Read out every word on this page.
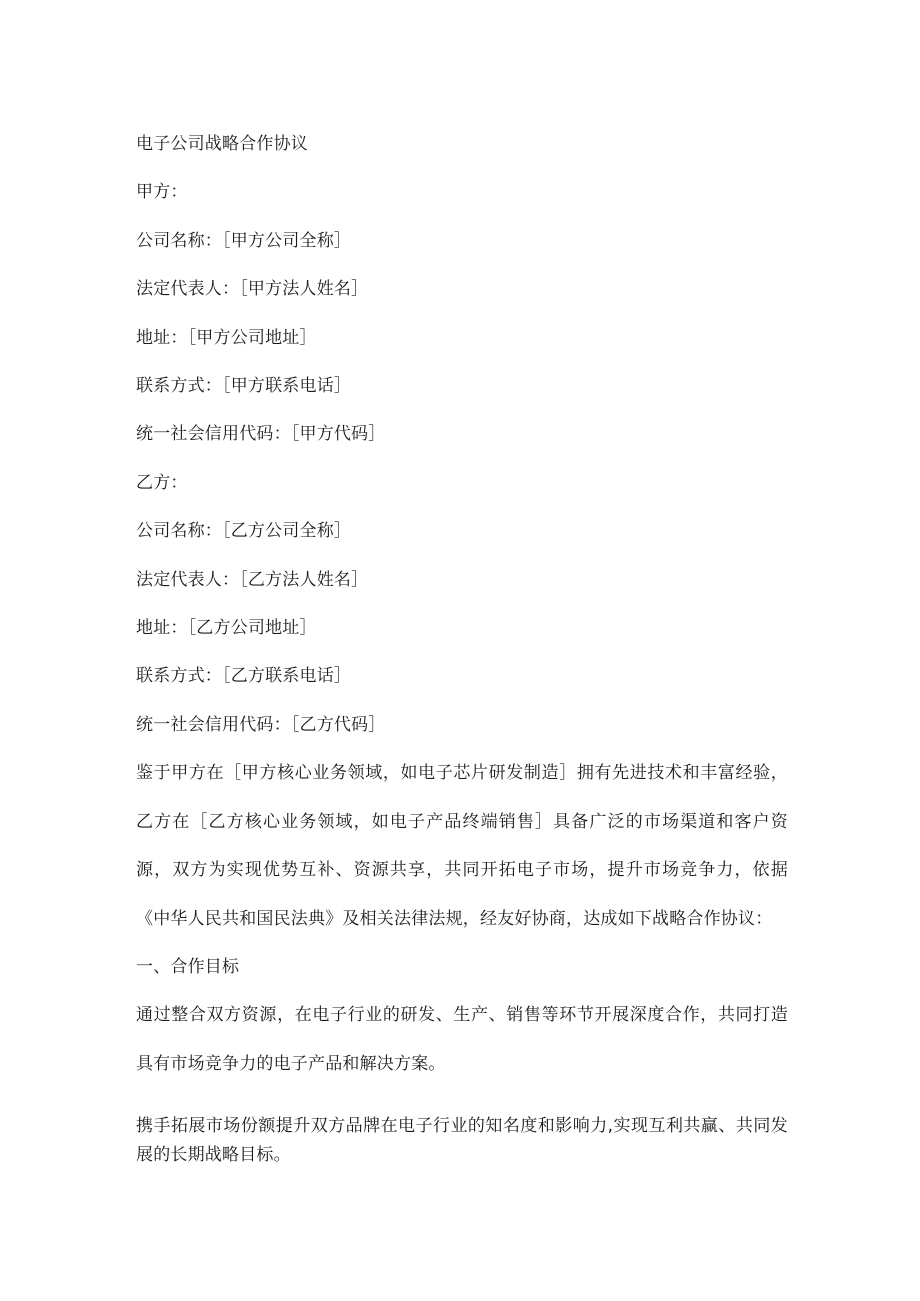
电子公司战略合作协议

甲方：

公司名称：［甲方公司全称］

法定代表人：［甲方法人姓名］

地址：［甲方公司地址］

联系方式：［甲方联系电话］

统一社会信用代码：［甲方代码］

乙方：

公司名称：［乙方公司全称］

法定代表人：［乙方法人姓名］

地址：［乙方公司地址］

联系方式：［乙方联系电话］

统一社会信用代码：［乙方代码］

鉴于甲方在［甲方核心业务领域，如电子芯片研发制造］拥有先进技术和丰富经验，乙方在［乙方核心业务领域，如电子产品终端销售］具备广泛的市场渠道和客户资源，双方为实现优势互补、资源共享，共同开拓电子市场，提升市场竞争力，依据《中华人民共和国民法典》及相关法律法规，经友好协商，达成如下战略合作协议：

一、合作目标

通过整合双方资源，在电子行业的研发、生产、销售等环节开展深度合作，共同打造具有市场竞争力的电子产品和解决方案。

携手拓展市场份额提升双方品牌在电子行业的知名度和影响力,实现互利共赢、共同发展的长期战略目标。
